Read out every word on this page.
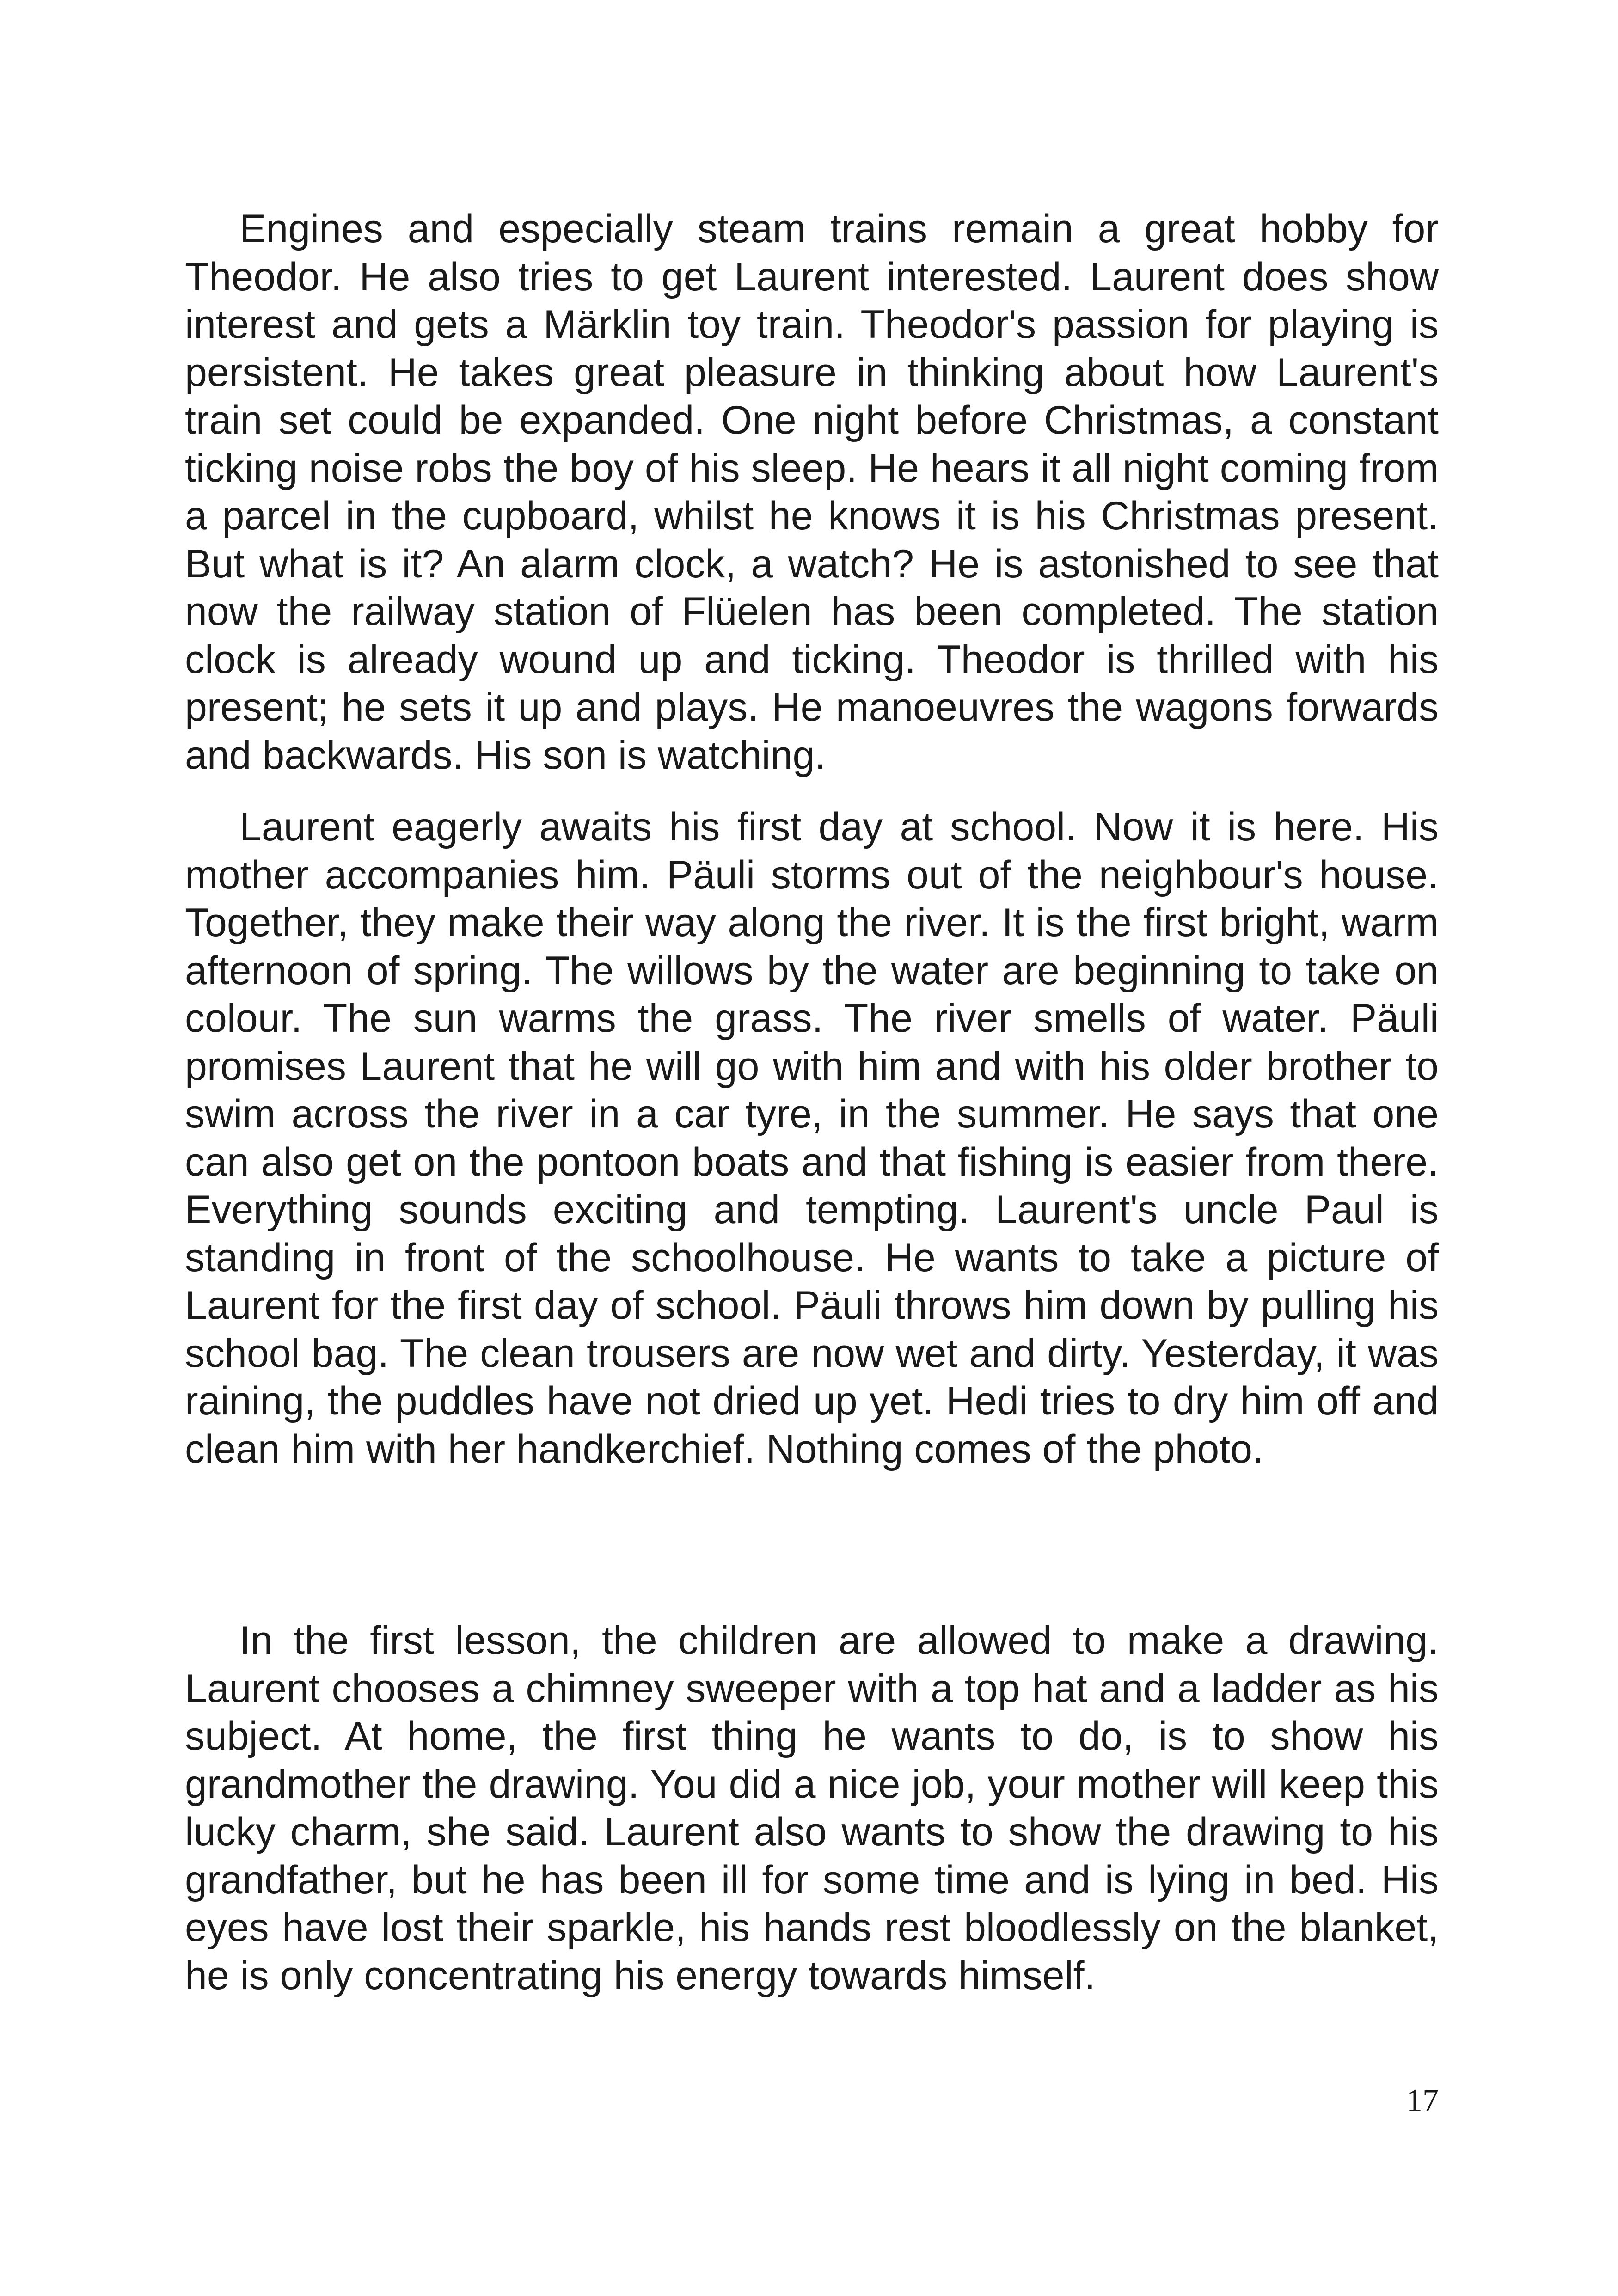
Engines and especially steam trains remain a great hobby for Theodor. He also tries to get Laurent interested. Laurent does show interest and gets a Märklin toy train. Theodor's passion for playing is persistent. He takes great pleasure in thinking about how Laurent's train set could be expanded. One night before Christmas, a constant ticking noise robs the boy of his sleep. He hears it all night coming from a parcel in the cupboard, whilst he knows it is his Christmas present. But what is it? An alarm clock, a watch? He is astonished to see that now the railway station of Flüelen has been completed. The station clock is already wound up and ticking. Theodor is thrilled with his present; he sets it up and plays. He manoeuvres the wagons forwards and backwards. His son is watching.

Laurent eagerly awaits his first day at school. Now it is here. His mother accompanies him. Päuli storms out of the neighbour's house. Together, they make their way along the river. It is the first bright, warm afternoon of spring. The willows by the water are beginning to take on colour. The sun warms the grass. The river smells of water. Päuli promises Laurent that he will go with him and with his older brother to swim across the river in a car tyre, in the summer. He says that one can also get on the pontoon boats and that fishing is easier from there. Everything sounds exciting and tempting. Laurent's uncle Paul is standing in front of the schoolhouse. He wants to take a picture of Laurent for the first day of school. Päuli throws him down by pulling his school bag. The clean trousers are now wet and dirty. Yesterday, it was raining, the puddles have not dried up yet. Hedi tries to dry him off and clean him with her handkerchief. Nothing comes of the photo.

In the first lesson, the children are allowed to make a drawing. Laurent chooses a chimney sweeper with a top hat and a ladder as his subject. At home, the first thing he wants to do, is to show his grandmother the drawing. You did a nice job, your mother will keep this lucky charm, she said. Laurent also wants to show the drawing to his grandfather, but he has been ill for some time and is lying in bed. His eyes have lost their sparkle, his hands rest bloodlessly on the blanket, he is only concentrating his energy towards himself.

17
